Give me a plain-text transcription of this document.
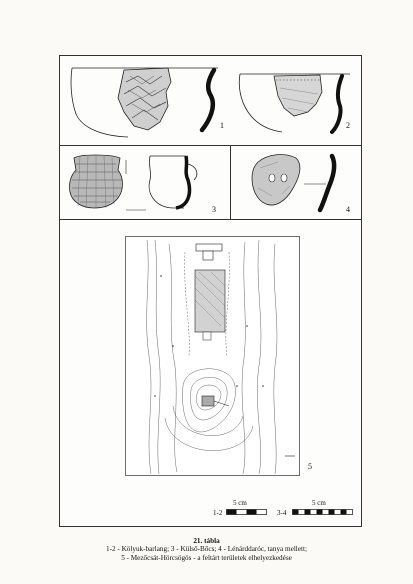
1	2
3	4
5
5 cm
1-2
5 cm
3-4
21. tábla
1-2 - Kölyuk-barlang; 3 - Külső-Bőcs; 4 - Lénárddaróc, tanya mellett;
5 - Mezőcsát-Hörcsögös - a feltárt területek elhelyezkedése
